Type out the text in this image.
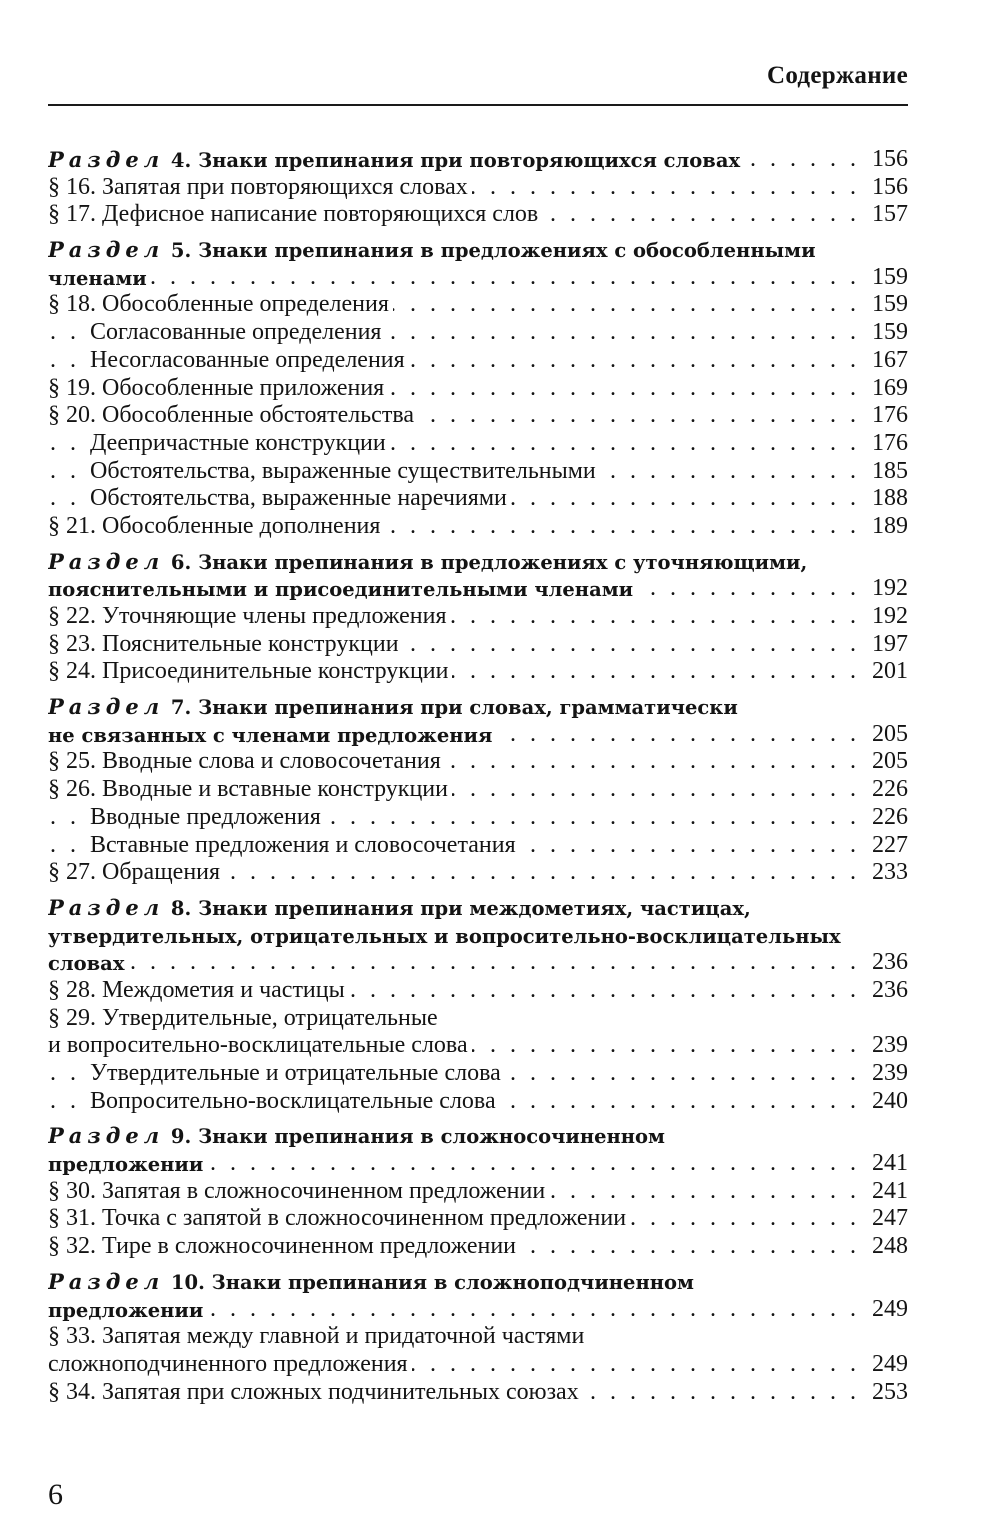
Содержание
Раздел 4. Знаки препинания при повторяющихся словах	156
. . .
§ 16. Запятая при повторяющихся словах	156
. . .
§ 17. Дефисное написание повторяющихся слов	157
. . .
Раздел 5. Знаки препинания в предложениях с обособленными
членами	159
. . .
§ 18. Обособленные определения	159
. . .
Согласованные определения	159
. . .
Несогласованные определения	167
. . .
§ 19. Обособленные приложения	169
. . .
§ 20. Обособленные обстоятельства	176
. . .
Деепричастные конструкции	176
. . .
Обстоятельства, выраженные существительными	185
. . .
Обстоятельства, выраженные наречиями	188
. . .
§ 21. Обособленные дополнения	189
. . .
Раздел 6. Знаки препинания в предложениях с уточняющими,
пояснительными и присоединительными членами	192
. . .
§ 22. Уточняющие члены предложения	192
. . .
§ 23. Пояснительные конструкции	197
. . .
§ 24. Присоединительные конструкции	201
. . .
Раздел 7. Знаки препинания при словах, грамматически
не связанных с членами предложения	205
. . .
§ 25. Вводные слова и словосочетания	205
. . .
§ 26. Вводные и вставные конструкции	226
. . .
Вводные предложения	226
. . .
Вставные предложения и словосочетания	227
. . .
§ 27. Обращения	233
. . .
Раздел 8. Знаки препинания при междометиях, частицах,
утвердительных, отрицательных и вопросительно-восклицательных
словах	236
. . .
§ 28. Междометия и частицы	236
. . .
§ 29. Утвердительные, отрицательные
и вопросительно-восклицательные слова	239
. . .
Утвердительные и отрицательные слова	239
. . .
Вопросительно-восклицательные слова	240
. . .
Раздел 9. Знаки препинания в сложносочиненном
предложении	241
. . .
§ 30. Запятая в сложносочиненном предложении	241
. . .
§ 31. Точка с запятой в сложносочиненном предложении	247
. . .
§ 32. Тире в сложносочиненном предложении	248
. . .
Раздел 10. Знаки препинания в сложноподчиненном
предложении	249
. . .
§ 33. Запятая между главной и придаточной частями
сложноподчиненного предложения	249
. . .
§ 34. Запятая при сложных подчинительных союзах	253
. . .
6
